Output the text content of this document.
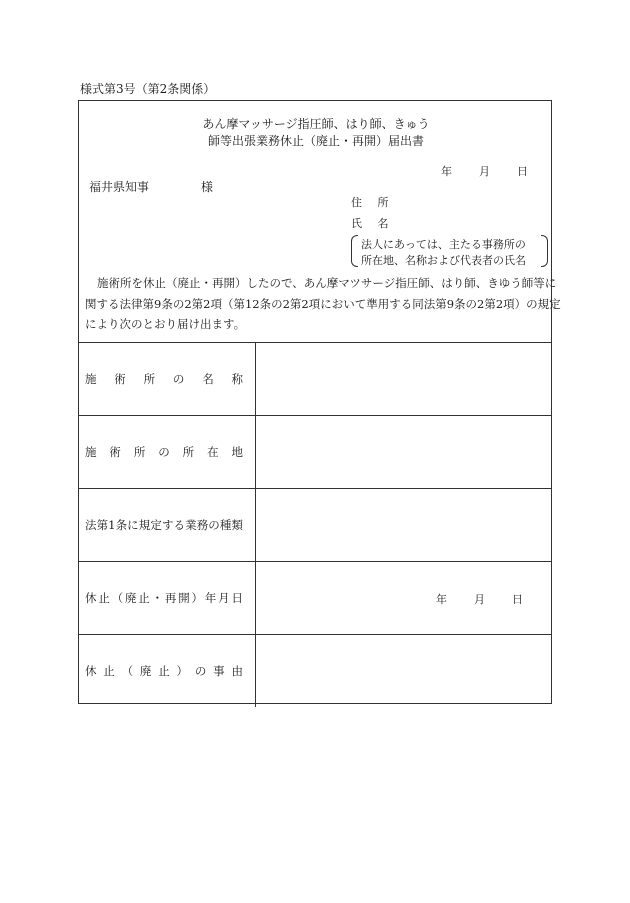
様式第3号（第2条関係）
あん摩マッサージ指圧師、はり師、きゅう
師等出張業務休止（廃止・再開）届出書
年 月 日
福井県知事	様
住 所
氏 名
法人にあっては、主たる事務所の
所在地、名称および代表者の氏名

施術所を休止（廃止・再開）したので、あん摩マツサージ指圧師、はり師、きゆう師等に

関する法律第9条の2第2項（第12条の2第2項において準用する同法第9条の2第2項）の規定

により次のとおり届け出ます。

施術所の名称	

施術所の所在地	

法第1条に規定する業務の種類	

休止（廃止・再開）年月日	年 月 日

休止（廃止）の事由	
